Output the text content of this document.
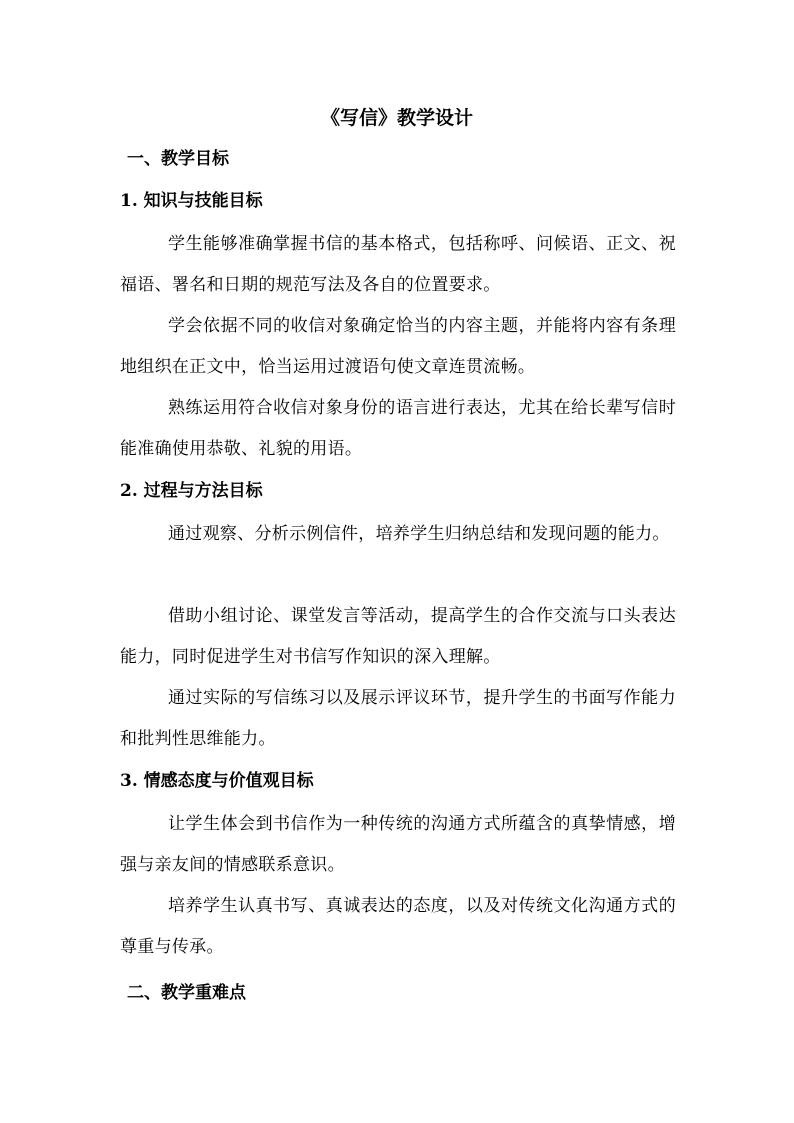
《写信》教学设计
一、教学目标
1. 知识与技能目标
学生能够准确掌握书信的基本格式，包括称呼、问候语、正文、祝福语、署名和日期的规范写法及各自的位置要求。
学会依据不同的收信对象确定恰当的内容主题，并能将内容有条理地组织在正文中，恰当运用过渡语句使文章连贯流畅。
熟练运用符合收信对象身份的语言进行表达，尤其在给长辈写信时能准确使用恭敬、礼貌的用语。
2. 过程与方法目标
通过观察、分析示例信件，培养学生归纳总结和发现问题的能力。
借助小组讨论、课堂发言等活动，提高学生的合作交流与口头表达能力，同时促进学生对书信写作知识的深入理解。
通过实际的写信练习以及展示评议环节，提升学生的书面写作能力和批判性思维能力。
3. 情感态度与价值观目标
让学生体会到书信作为一种传统的沟通方式所蕴含的真挚情感，增强与亲友间的情感联系意识。
培养学生认真书写、真诚表达的态度，以及对传统文化沟通方式的尊重与传承。
二、教学重难点
